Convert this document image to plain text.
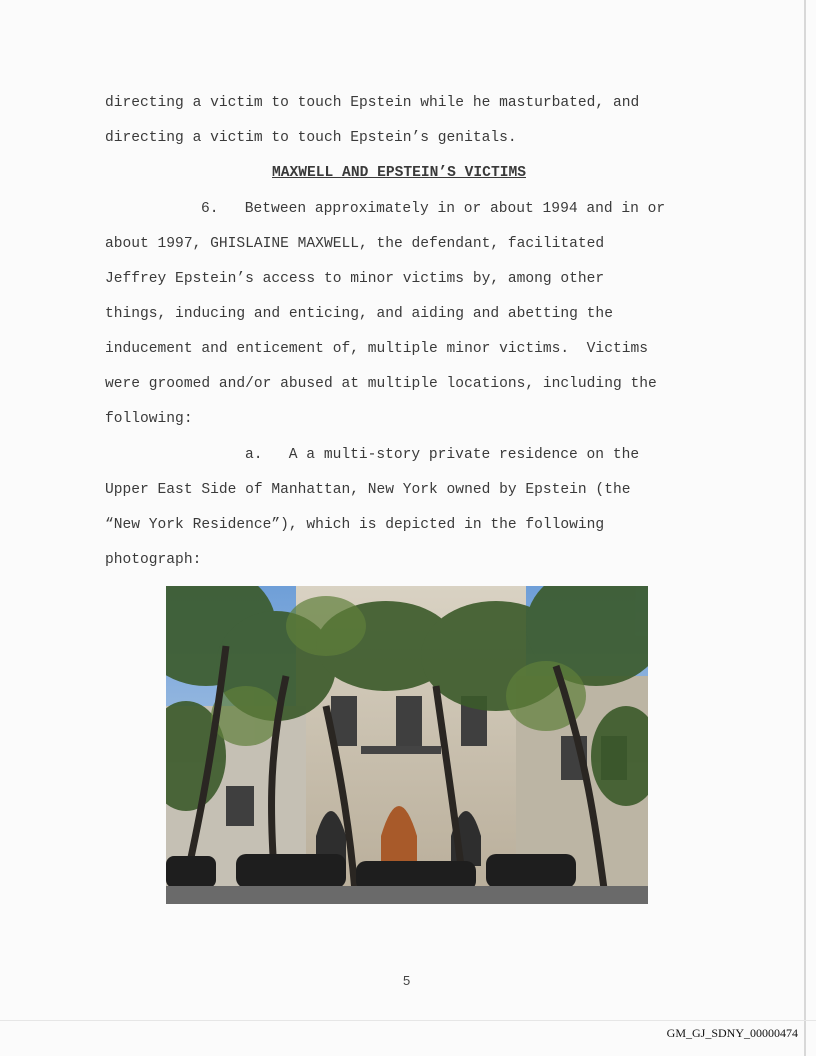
directing a victim to touch Epstein while he masturbated, and
directing a victim to touch Epstein’s genitals.
MAXWELL AND EPSTEIN’S VICTIMS
6.   Between approximately in or about 1994 and in or
about 1997, GHISLAINE MAXWELL, the defendant, facilitated
Jeffrey Epstein’s access to minor victims by, among other
things, inducing and enticing, and aiding and abetting the
inducement and enticement of, multiple minor victims.  Victims
were groomed and/or abused at multiple locations, including the
following:
a.   A a multi-story private residence on the
Upper East Side of Manhattan, New York owned by Epstein (the
“New York Residence”), which is depicted in the following
photograph:
5
GM_GJ_SDNY_00000474
